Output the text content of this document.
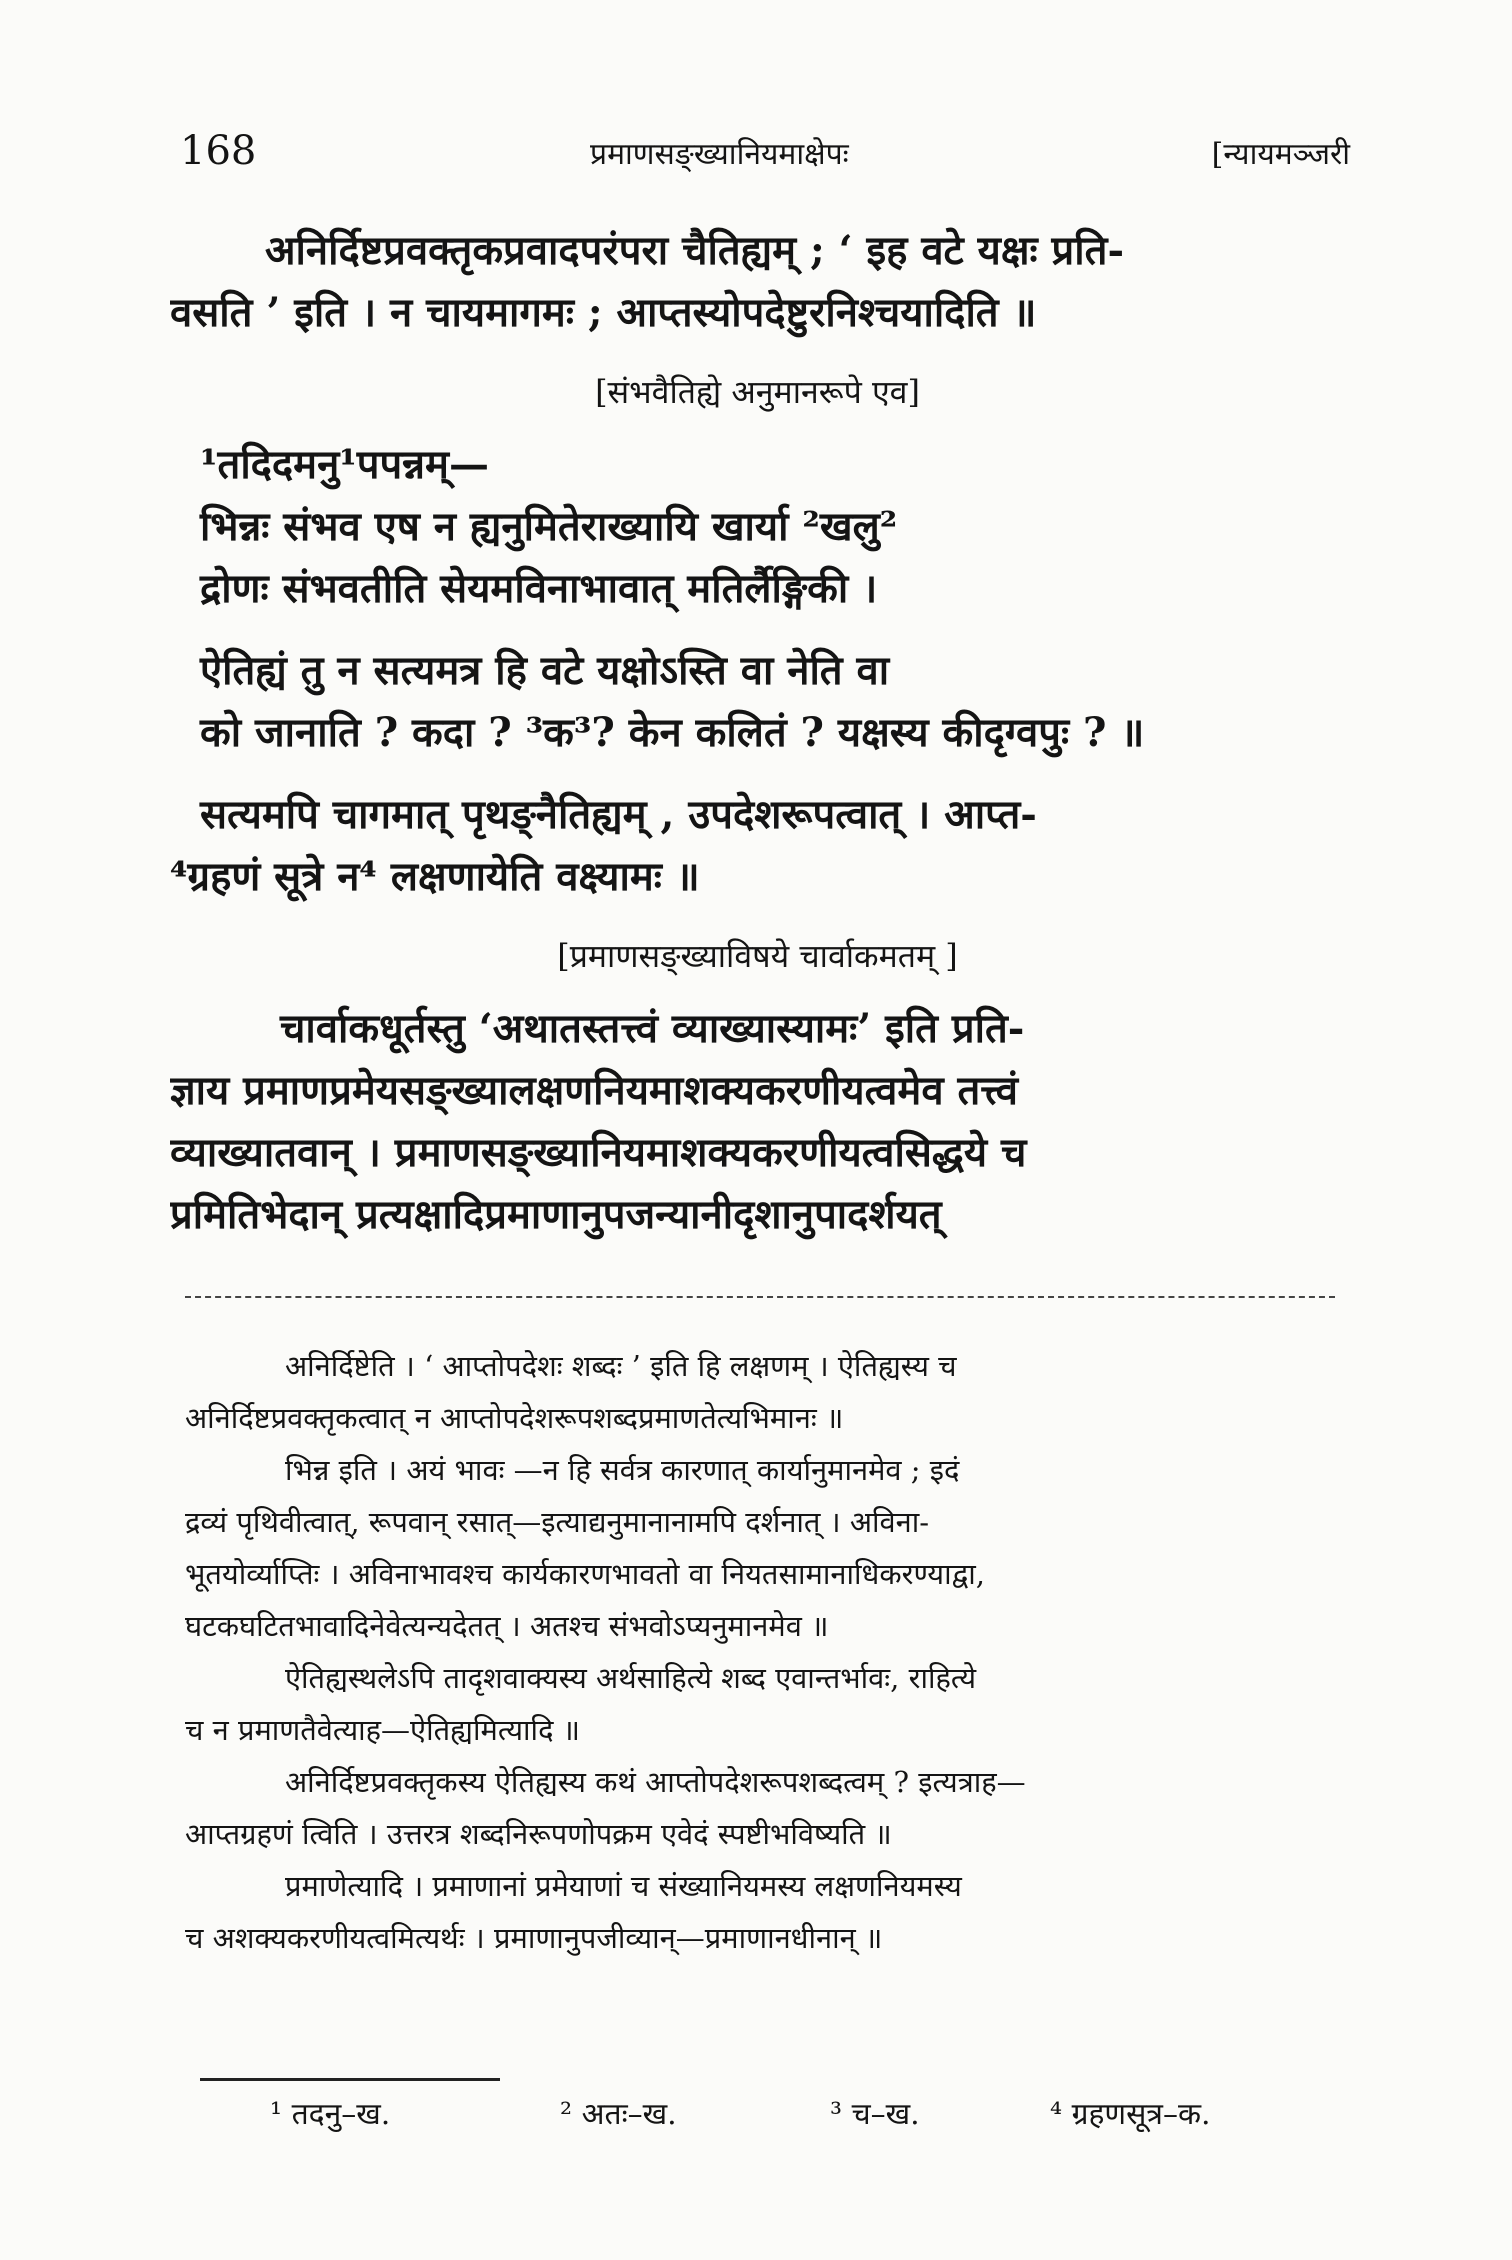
168	प्रमाणसङ्ख्यानियमाक्षेपः	[न्यायमञ्जरी
अनिर्दिष्टप्रवक्तृकप्रवादपरंपरा चैतिह्यम् ; ‘ इह वटे यक्षः प्रति-
वसति ’ इति । न चायमागमः ; आप्तस्योपदेष्टुरनिश्चयादिति ॥
[संभवैतिह्ये अनुमानरूपे एव]
¹तदिदमनु¹पपन्नम्—
भिन्नः संभव एष न ह्यनुमितेराख्यायि खार्या ²खलु²
द्रोणः संभवतीति सेयमविनाभावात् मतिर्लैङ्गिकी ।
ऐतिह्यं तु न सत्यमत्र हि वटे यक्षोऽस्ति वा नेति वा
को जानाति ? कदा ? ³क³? केन कलितं ? यक्षस्य कीदृग्वपुः ? ॥
सत्यमपि चागमात् पृथङ्नैतिह्यम् , उपदेशरूपत्वात् । आप्त-
⁴ग्रहणं सूत्रे न⁴ लक्षणायेति वक्ष्यामः ॥
[प्रमाणसङ्ख्याविषये चार्वाकमतम् ]
चार्वाकधूर्तस्तु ‘अथातस्तत्त्वं व्याख्यास्यामः’ इति प्रति-
ज्ञाय प्रमाणप्रमेयसङ्ख्यालक्षणनियमाशक्यकरणीयत्वमेव तत्त्वं
व्याख्यातवान् । प्रमाणसङ्ख्यानियमाशक्यकरणीयत्वसिद्धये च
प्रमितिभेदान् प्रत्यक्षादिप्रमाणानुपजन्यानीदृशानुपादर्शयत्
अनिर्दिष्टेति । ‘ आप्तोपदेशः शब्दः ’ इति हि लक्षणम् । ऐतिह्यस्य च
अनिर्दिष्टप्रवक्तृकत्वात् न आप्तोपदेशरूपशब्दप्रमाणतेत्यभिमानः ॥
भिन्न इति । अयं भावः —न हि सर्वत्र कारणात् कार्यानुमानमेव ; इदं
द्रव्यं पृथिवीत्वात्, रूपवान् रसात्—इत्याद्यनुमानानामपि दर्शनात् । अविना-
भूतयोर्व्याप्तिः । अविनाभावश्च कार्यकारणभावतो वा नियतसामानाधिकरण्याद्वा,
घटकघटितभावादिनेवेत्यन्यदेतत् । अतश्च संभवोऽप्यनुमानमेव ॥
ऐतिह्यस्थलेऽपि तादृशवाक्यस्य अर्थसाहित्ये शब्द एवान्तर्भावः, राहित्ये
च न प्रमाणतैवेत्याह—ऐतिह्यमित्यादि ॥
अनिर्दिष्टप्रवक्तृकस्य ऐतिह्यस्य कथं आप्तोपदेशरूपशब्दत्वम् ? इत्यत्राह—
आप्तग्रहणं त्विति । उत्तरत्र शब्दनिरूपणोपक्रम एवेदं स्पष्टीभविष्यति ॥
प्रमाणेत्यादि । प्रमाणानां प्रमेयाणां च संख्यानियमस्य लक्षणनियमस्य
च अशक्यकरणीयत्वमित्यर्थः । प्रमाणानुपजीव्यान्—प्रमाणानधीनान् ॥
¹ तदनु–ख.	² अतः–ख.	³ च–ख.	⁴ ग्रहणसूत्र–क.
